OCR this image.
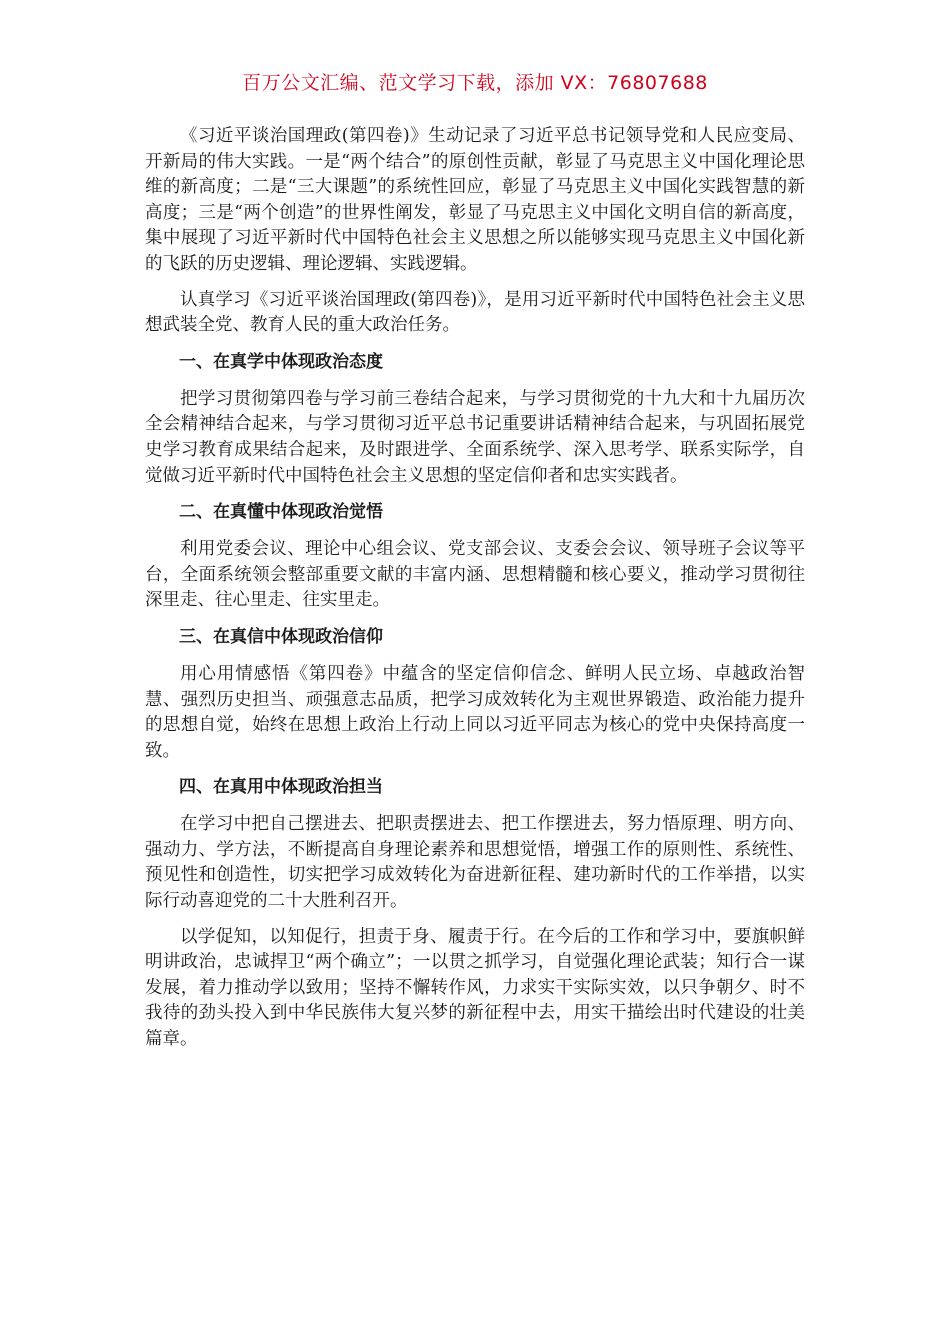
百万公文汇编、范文学习下载，添加 VX：76807688

《习近平谈治国理政(第四卷)》生动记录了习近平总书记领导党和人民应变局、开新局的伟大实践。一是“两个结合”的原创性贡献，彰显了马克思主义中国化理论思维的新高度；二是“三大课题”的系统性回应，彰显了马克思主义中国化实践智慧的新高度；三是“两个创造”的世界性阐发，彰显了马克思主义中国化文明自信的新高度，集中展现了习近平新时代中国特色社会主义思想之所以能够实现马克思主义中国化新的飞跃的历史逻辑、理论逻辑、实践逻辑。

认真学习《习近平谈治国理政(第四卷)》，是用习近平新时代中国特色社会主义思想武装全党、教育人民的重大政治任务。

一、在真学中体现政治态度

把学习贯彻第四卷与学习前三卷结合起来，与学习贯彻党的十九大和十九届历次全会精神结合起来，与学习贯彻习近平总书记重要讲话精神结合起来，与巩固拓展党史学习教育成果结合起来，及时跟进学、全面系统学、深入思考学、联系实际学，自觉做习近平新时代中国特色社会主义思想的坚定信仰者和忠实实践者。

二、在真懂中体现政治觉悟

利用党委会议、理论中心组会议、党支部会议、支委会会议、领导班子会议等平台，全面系统领会整部重要文献的丰富内涵、思想精髓和核心要义，推动学习贯彻往深里走、往心里走、往实里走。

三、在真信中体现政治信仰

用心用情感悟《第四卷》中蕴含的坚定信仰信念、鲜明人民立场、卓越政治智慧、强烈历史担当、顽强意志品质，把学习成效转化为主观世界锻造、政治能力提升的思想自觉，始终在思想上政治上行动上同以习近平同志为核心的党中央保持高度一致。

四、在真用中体现政治担当

在学习中把自己摆进去、把职责摆进去、把工作摆进去，努力悟原理、明方向、强动力、学方法，不断提高自身理论素养和思想觉悟，增强工作的原则性、系统性、预见性和创造性，切实把学习成效转化为奋进新征程、建功新时代的工作举措，以实际行动喜迎党的二十大胜利召开。

以学促知，以知促行，担责于身、履责于行。在今后的工作和学习中，要旗帜鲜明讲政治，忠诚捍卫“两个确立”；一以贯之抓学习，自觉强化理论武装；知行合一谋发展，着力推动学以致用；坚持不懈转作风，力求实干实际实效，以只争朝夕、时不我待的劲头投入到中华民族伟大复兴梦的新征程中去，用实干描绘出时代建设的壮美篇章。
